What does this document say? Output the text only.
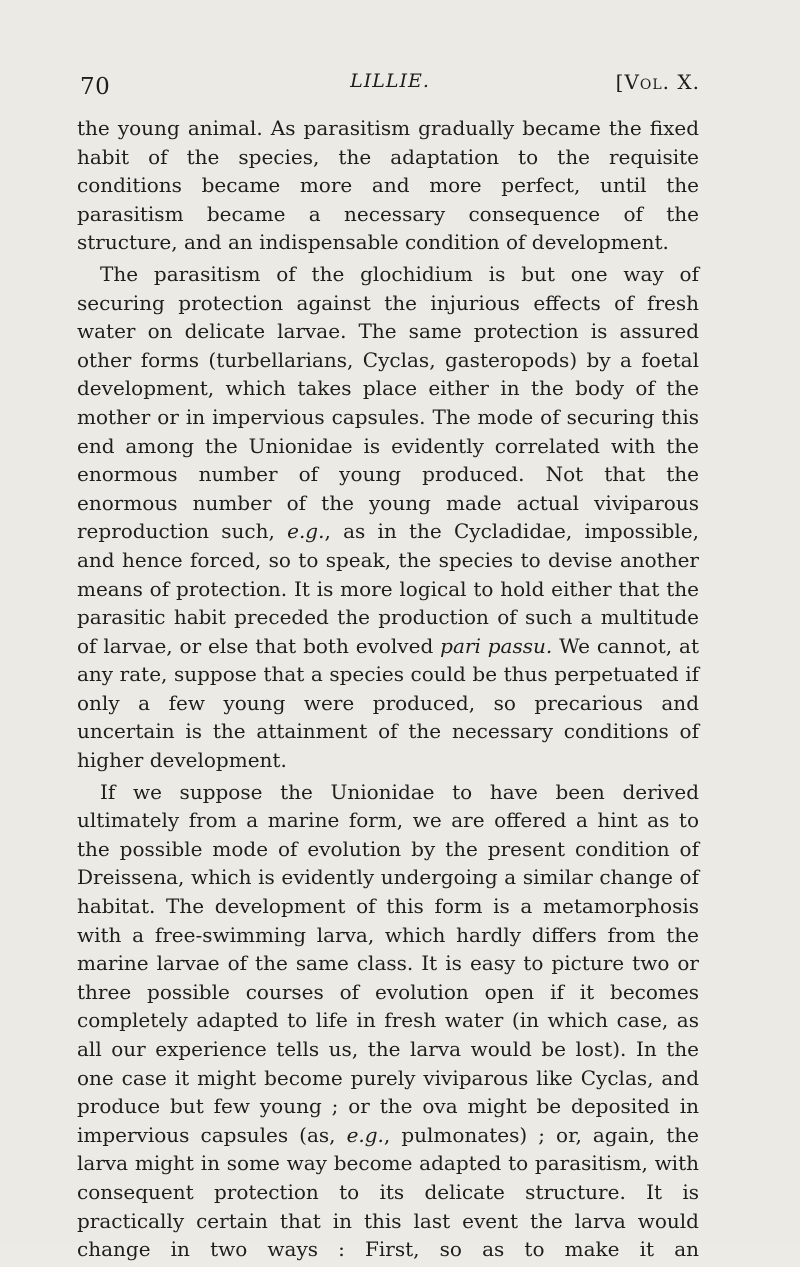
70	LILLIE.	[Vol. X.

the young animal. As parasitism gradually became the fixed habit of the species, the adaptation to the requisite conditions became more and more perfect, until the parasitism became a necessary consequence of the structure, and an indispensable condition of development.

The parasitism of the glochidium is but one way of securing protection against the injurious effects of fresh water on delicate larvae. The same protection is assured other forms (turbellarians, Cyclas, gasteropods) by a foetal development, which takes place either in the body of the mother or in impervious capsules. The mode of securing this end among the Unionidae is evidently correlated with the enormous number of young produced. Not that the enormous number of the young made actual viviparous reproduction such, e.g., as in the Cycladidae, impossible, and hence forced, so to speak, the species to devise another means of protection. It is more logical to hold either that the parasitic habit preceded the production of such a multitude of larvae, or else that both evolved pari passu. We cannot, at any rate, suppose that a species could be thus perpetuated if only a few young were produced, so precarious and uncertain is the attainment of the necessary conditions of higher development.

If we suppose the Unionidae to have been derived ultimately from a marine form, we are offered a hint as to the possible mode of evolution by the present condition of Dreissena, which is evidently undergoing a similar change of habitat. The development of this form is a metamorphosis with a free-swimming larva, which hardly differs from the marine larvae of the same class. It is easy to picture two or three possible courses of evolution open if it becomes completely adapted to life in fresh water (in which case, as all our experience tells us, the larva would be lost). In the one case it might become purely viviparous like Cyclas, and produce but few young ; or the ova might be deposited in impervious capsules (as, e.g., pulmonates) ; or, again, the larva might in some way become adapted to parasitism, with consequent protection to its delicate structure. It is practically certain that in this last event the larva would change in two ways : First, so as to make it an
